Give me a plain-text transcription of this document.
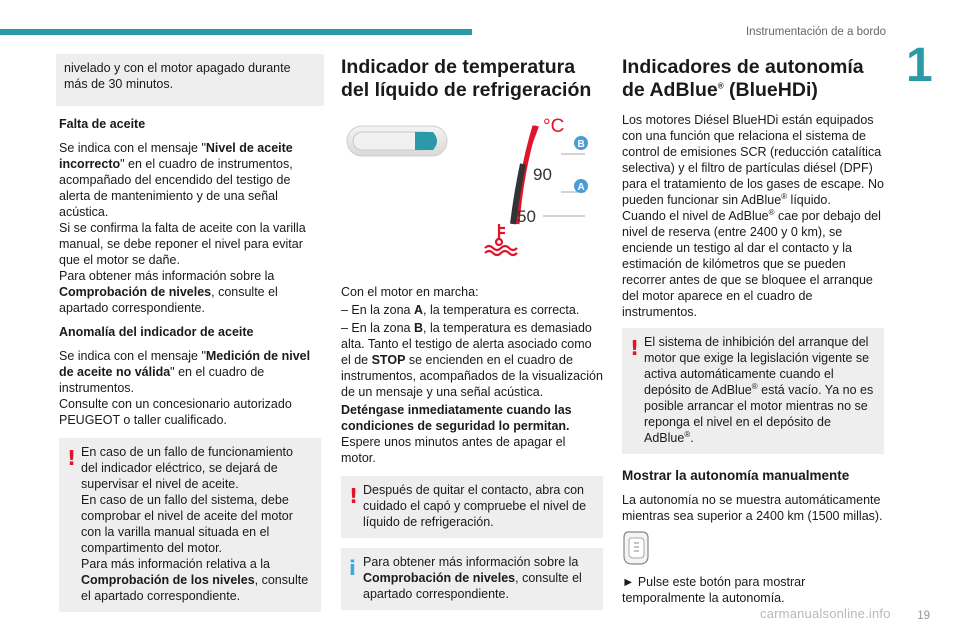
Instrumentación de a bordo
1

nivelado y con el motor apagado durante más de 30 minutos.

Falta de aceite

Se indica con el mensaje "Nivel de aceite incorrecto" en el cuadro de instrumentos, acompañado del encendido del testigo de alerta de mantenimiento y de una señal acústica.
Si se confirma la falta de aceite con la varilla manual, se debe reponer el nivel para evitar que el motor se dañe.
Para obtener más información sobre la Comprobación de niveles, consulte el apartado correspondiente.

Anomalía del indicador de aceite

Se indica con el mensaje "Medición de nivel de aceite no válida" en el cuadro de instrumentos.
Consulte con un concesionario autorizado PEUGEOT o taller cualificado.

! En caso de un fallo de funcionamiento del indicador eléctrico, se dejará de supervisar el nivel de aceite.
En caso de un fallo del sistema, debe comprobar el nivel de aceite del motor con la varilla manual situada en el compartimento del motor.
Para más información relativa a la Comprobación de los niveles, consulte el apartado correspondiente.

Indicador de temperatura del líquido de refrigeración
°C
90
50
B
A

Con el motor en marcha:

– En la zona A, la temperatura es correcta.

– En la zona B, la temperatura es demasiado alta. Tanto el testigo de alerta asociado como el de STOP se encienden en el cuadro de instrumentos, acompañados de la visualización de un mensaje y una señal acústica.

Deténgase inmediatamente cuando las condiciones de seguridad lo permitan.
Espere unos minutos antes de apagar el motor.

! Después de quitar el contacto, abra con cuidado el capó y compruebe el nivel de líquido de refrigeración.

i Para obtener más información sobre la Comprobación de niveles, consulte el apartado correspondiente.

Indicadores de autonomía de AdBlue® (BlueHDi)

Los motores Diésel BlueHDi están equipados con una función que relaciona el sistema de control de emisiones SCR (reducción catalítica selectiva) y el filtro de partículas diésel (DPF) para el tratamiento de los gases de escape. No pueden funcionar sin AdBlue® líquido.

Cuando el nivel de AdBlue® cae por debajo del nivel de reserva (entre 2400 y 0 km), se enciende un testigo al dar el contacto y la estimación de kilómetros que se pueden recorrer antes de que se bloquee el arranque del motor aparece en el cuadro de instrumentos.

! El sistema de inhibición del arranque del motor que exige la legislación vigente se activa automáticamente cuando el depósito de AdBlue® está vacío. Ya no es posible arrancar el motor mientras no se reponga el nivel en el depósito de AdBlue®.

Mostrar la autonomía manualmente

La autonomía no se muestra automáticamente mientras sea superior a 2400 km (1500 millas).

► Pulse este botón para mostrar temporalmente la autonomía.

carmanualsonline.info 19
